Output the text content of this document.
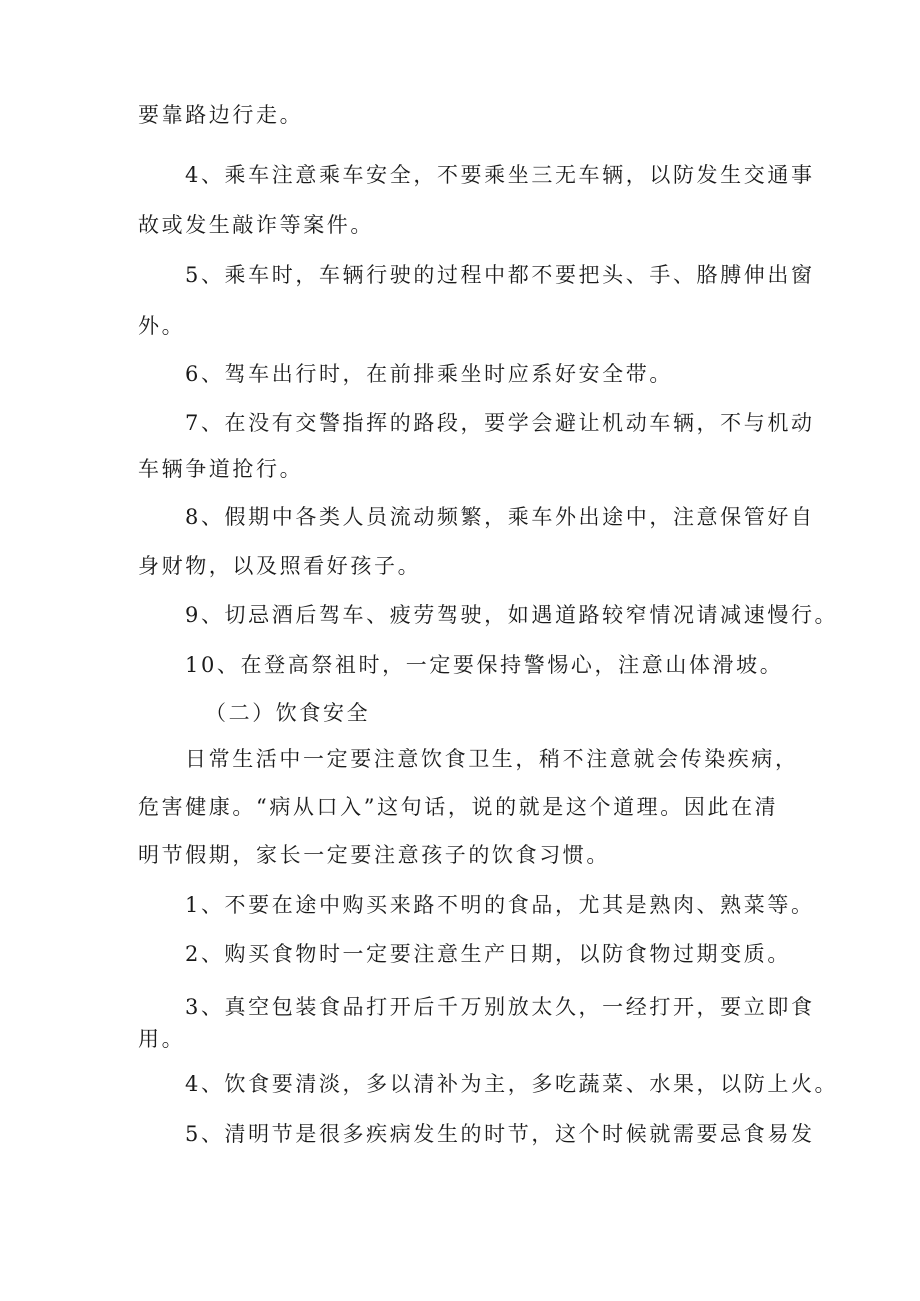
要靠路边行走。
4、乘车注意乘车安全，不要乘坐三无车辆，以防发生交通事
故或发生敲诈等案件。
5、乘车时，车辆行驶的过程中都不要把头、手、胳膊伸出窗
外。
6、驾车出行时，在前排乘坐时应系好安全带。
7、在没有交警指挥的路段，要学会避让机动车辆，不与机动
车辆争道抢行。
8、假期中各类人员流动频繁，乘车外出途中，注意保管好自
身财物，以及照看好孩子。
9、切忌酒后驾车、疲劳驾驶，如遇道路较窄情况请减速慢行。
10、在登高祭祖时，一定要保持警惕心，注意山体滑坡。
（二）饮食安全
日常生活中一定要注意饮食卫生，稍不注意就会传染疾病，
危害健康。“病从口入”这句话，说的就是这个道理。因此在清
明节假期，家长一定要注意孩子的饮食习惯。
1、不要在途中购买来路不明的食品，尤其是熟肉、熟菜等。
2、购买食物时一定要注意生产日期，以防食物过期变质。
3、真空包装食品打开后千万别放太久，一经打开，要立即食
用。
4、饮食要清淡，多以清补为主，多吃蔬菜、水果，以防上火。
5、清明节是很多疾病发生的时节，这个时候就需要忌食易发
